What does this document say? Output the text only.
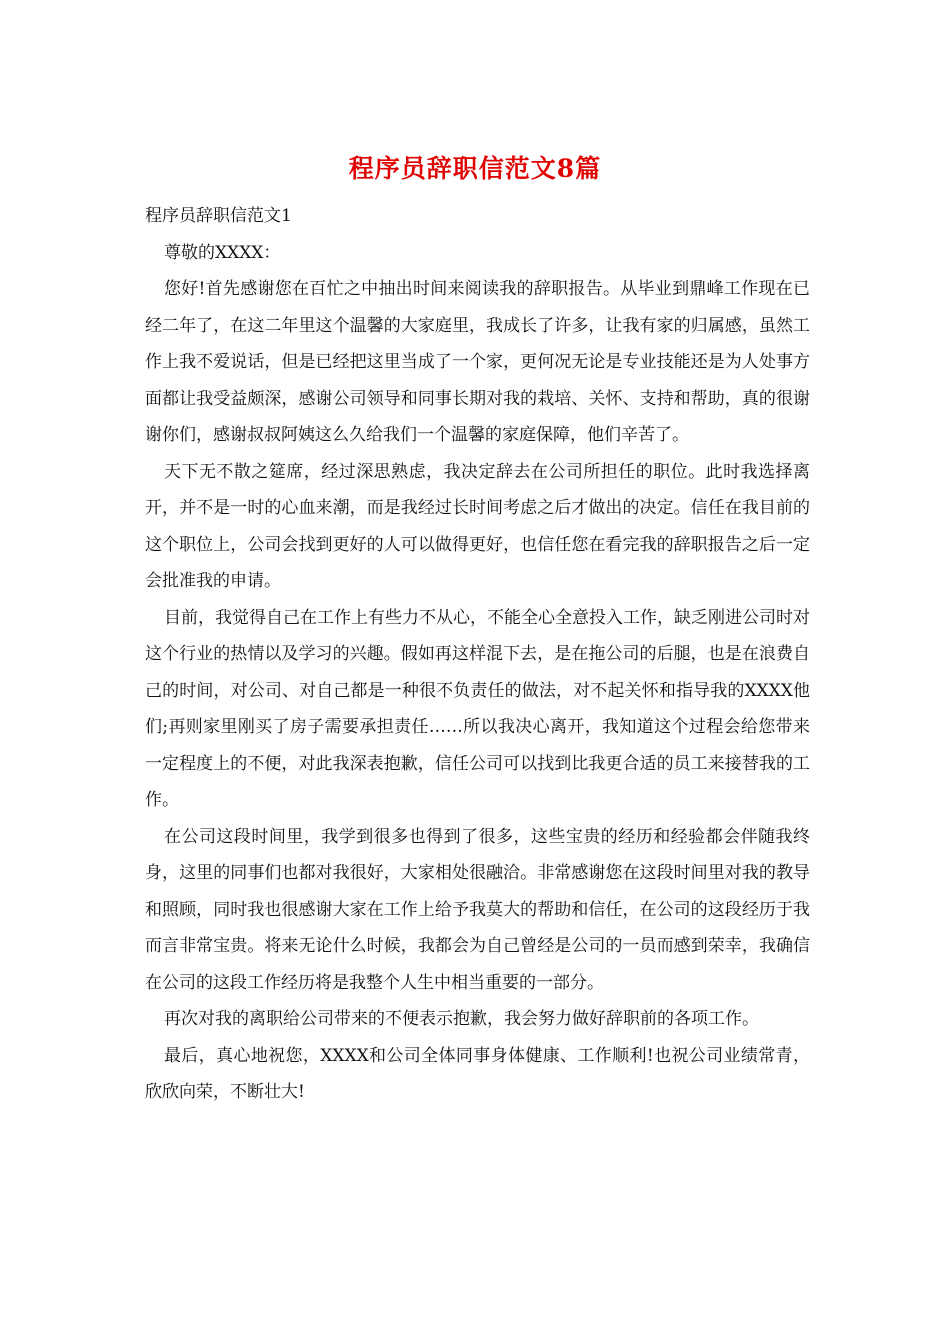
程序员辞职信范文8篇

程序员辞职信范文1

尊敬的XXXX：

您好!首先感谢您在百忙之中抽出时间来阅读我的辞职报告。从毕业到鼎峰工作现在已经二年了，在这二年里这个温馨的大家庭里，我成长了许多，让我有家的归属感，虽然工作上我不爱说话，但是已经把这里当成了一个家，更何况无论是专业技能还是为人处事方面都让我受益颇深，感谢公司领导和同事长期对我的栽培、关怀、支持和帮助，真的很谢谢你们，感谢叔叔阿姨这么久给我们一个温馨的家庭保障，他们辛苦了。

天下无不散之筵席，经过深思熟虑，我决定辞去在公司所担任的职位。此时我选择离开，并不是一时的心血来潮，而是我经过长时间考虑之后才做出的决定。信任在我目前的这个职位上，公司会找到更好的人可以做得更好，也信任您在看完我的辞职报告之后一定会批准我的申请。

目前，我觉得自己在工作上有些力不从心，不能全心全意投入工作，缺乏刚进公司时对这个行业的热情以及学习的兴趣。假如再这样混下去，是在拖公司的后腿，也是在浪费自己的时间，对公司、对自己都是一种很不负责任的做法，对不起关怀和指导我的XXXX他们;再则家里刚买了房子需要承担责任……所以我决心离开，我知道这个过程会给您带来一定程度上的不便，对此我深表抱歉，信任公司可以找到比我更合适的员工来接替我的工作。

在公司这段时间里，我学到很多也得到了很多，这些宝贵的经历和经验都会伴随我终身，这里的同事们也都对我很好，大家相处很融洽。非常感谢您在这段时间里对我的教导和照顾，同时我也很感谢大家在工作上给予我莫大的帮助和信任，在公司的这段经历于我而言非常宝贵。将来无论什么时候，我都会为自己曾经是公司的一员而感到荣幸，我确信在公司的这段工作经历将是我整个人生中相当重要的一部分。

再次对我的离职给公司带来的不便表示抱歉，我会努力做好辞职前的各项工作。

最后，真心地祝您，XXXX和公司全体同事身体健康、工作顺利!也祝公司业绩常青，欣欣向荣，不断壮大!
